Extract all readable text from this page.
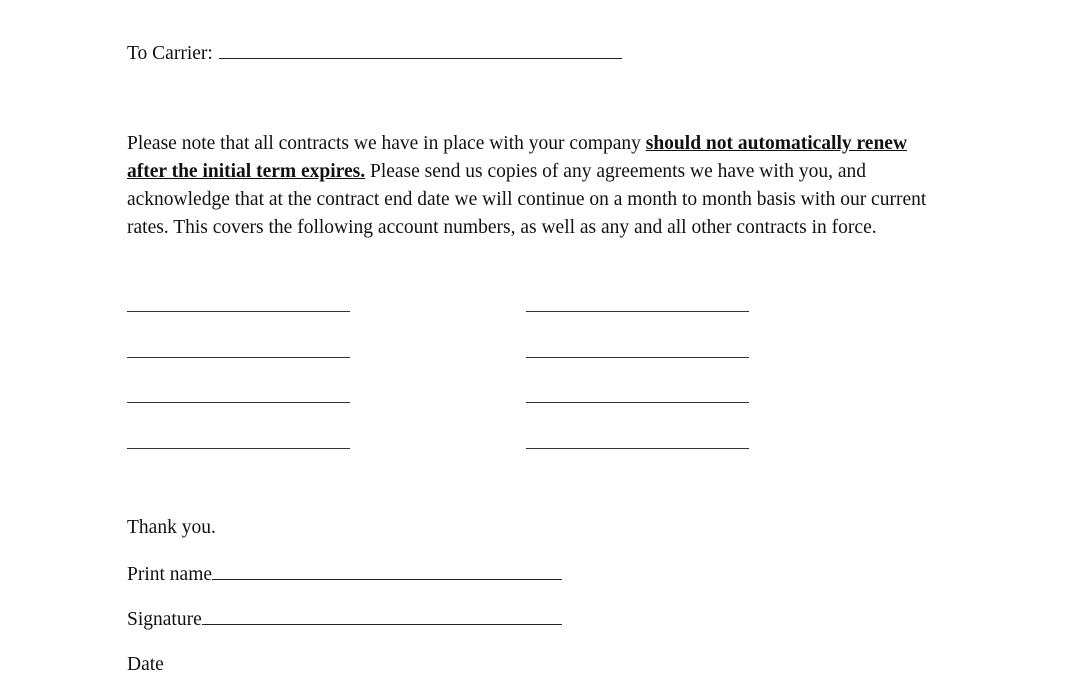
To Carrier:

Please note that all contracts we have in place with your company should not automatically renew after the initial term expires. Please send us copies of any agreements we have with you, and acknowledge that at the contract end date we will continue on a month to month basis with our current rates. This covers the following account numbers, as well as any and all other contracts in force.

Thank you.
Print name
Signature
Date
